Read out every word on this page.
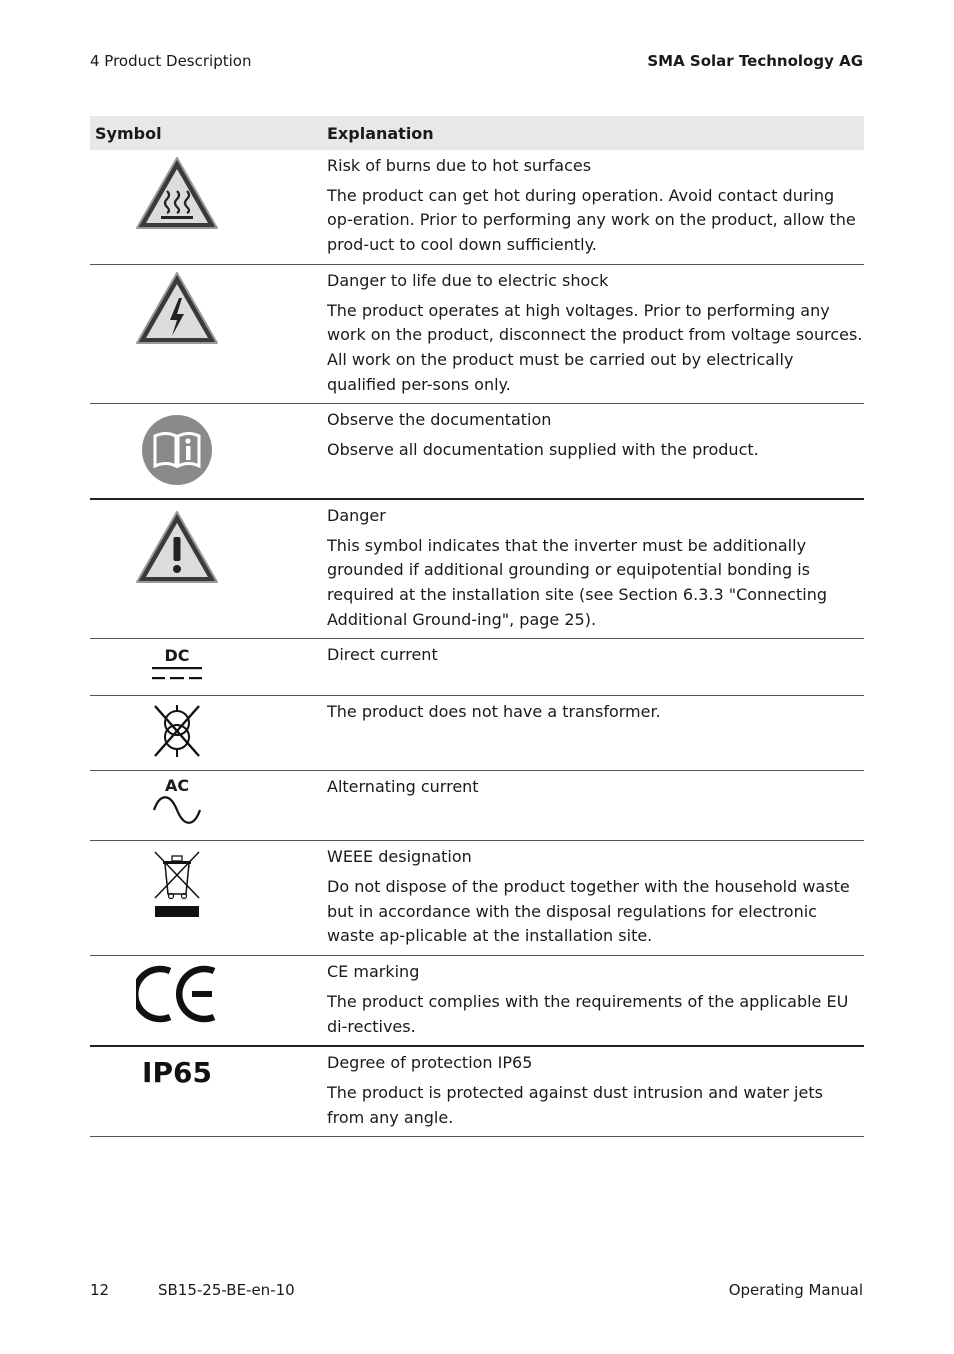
4 Product Description	SMA Solar Technology AG
Symbol	Explanation

Risk of burns due to hot surfaces
The product can get hot during operation. Avoid contact during op-eration. Prior to performing any work on the product, allow the prod-uct to cool down sufficiently.

Danger to life due to electric shock
The product operates at high voltages. Prior to performing any work on the product, disconnect the product from voltage sources. All work on the product must be carried out by electrically qualified per-sons only.

Observe the documentation
Observe all documentation supplied with the product.

Danger
This symbol indicates that the inverter must be additionally grounded if additional grounding or equipotential bonding is required at the installation site (see Section 6.3.3 "Connecting Additional Ground-ing", page 25).

DC	Direct current

The product does not have a transformer.

AC	Alternating current

WEEE designation
Do not dispose of the product together with the household waste but in accordance with the disposal regulations for electronic waste ap-plicable at the installation site.

CE marking
The product complies with the requirements of the applicable EU di-rectives.

IP65	Degree of protection IP65
The product is protected against dust intrusion and water jets from any angle.
12	SB15-25-BE-en-10	Operating Manual
